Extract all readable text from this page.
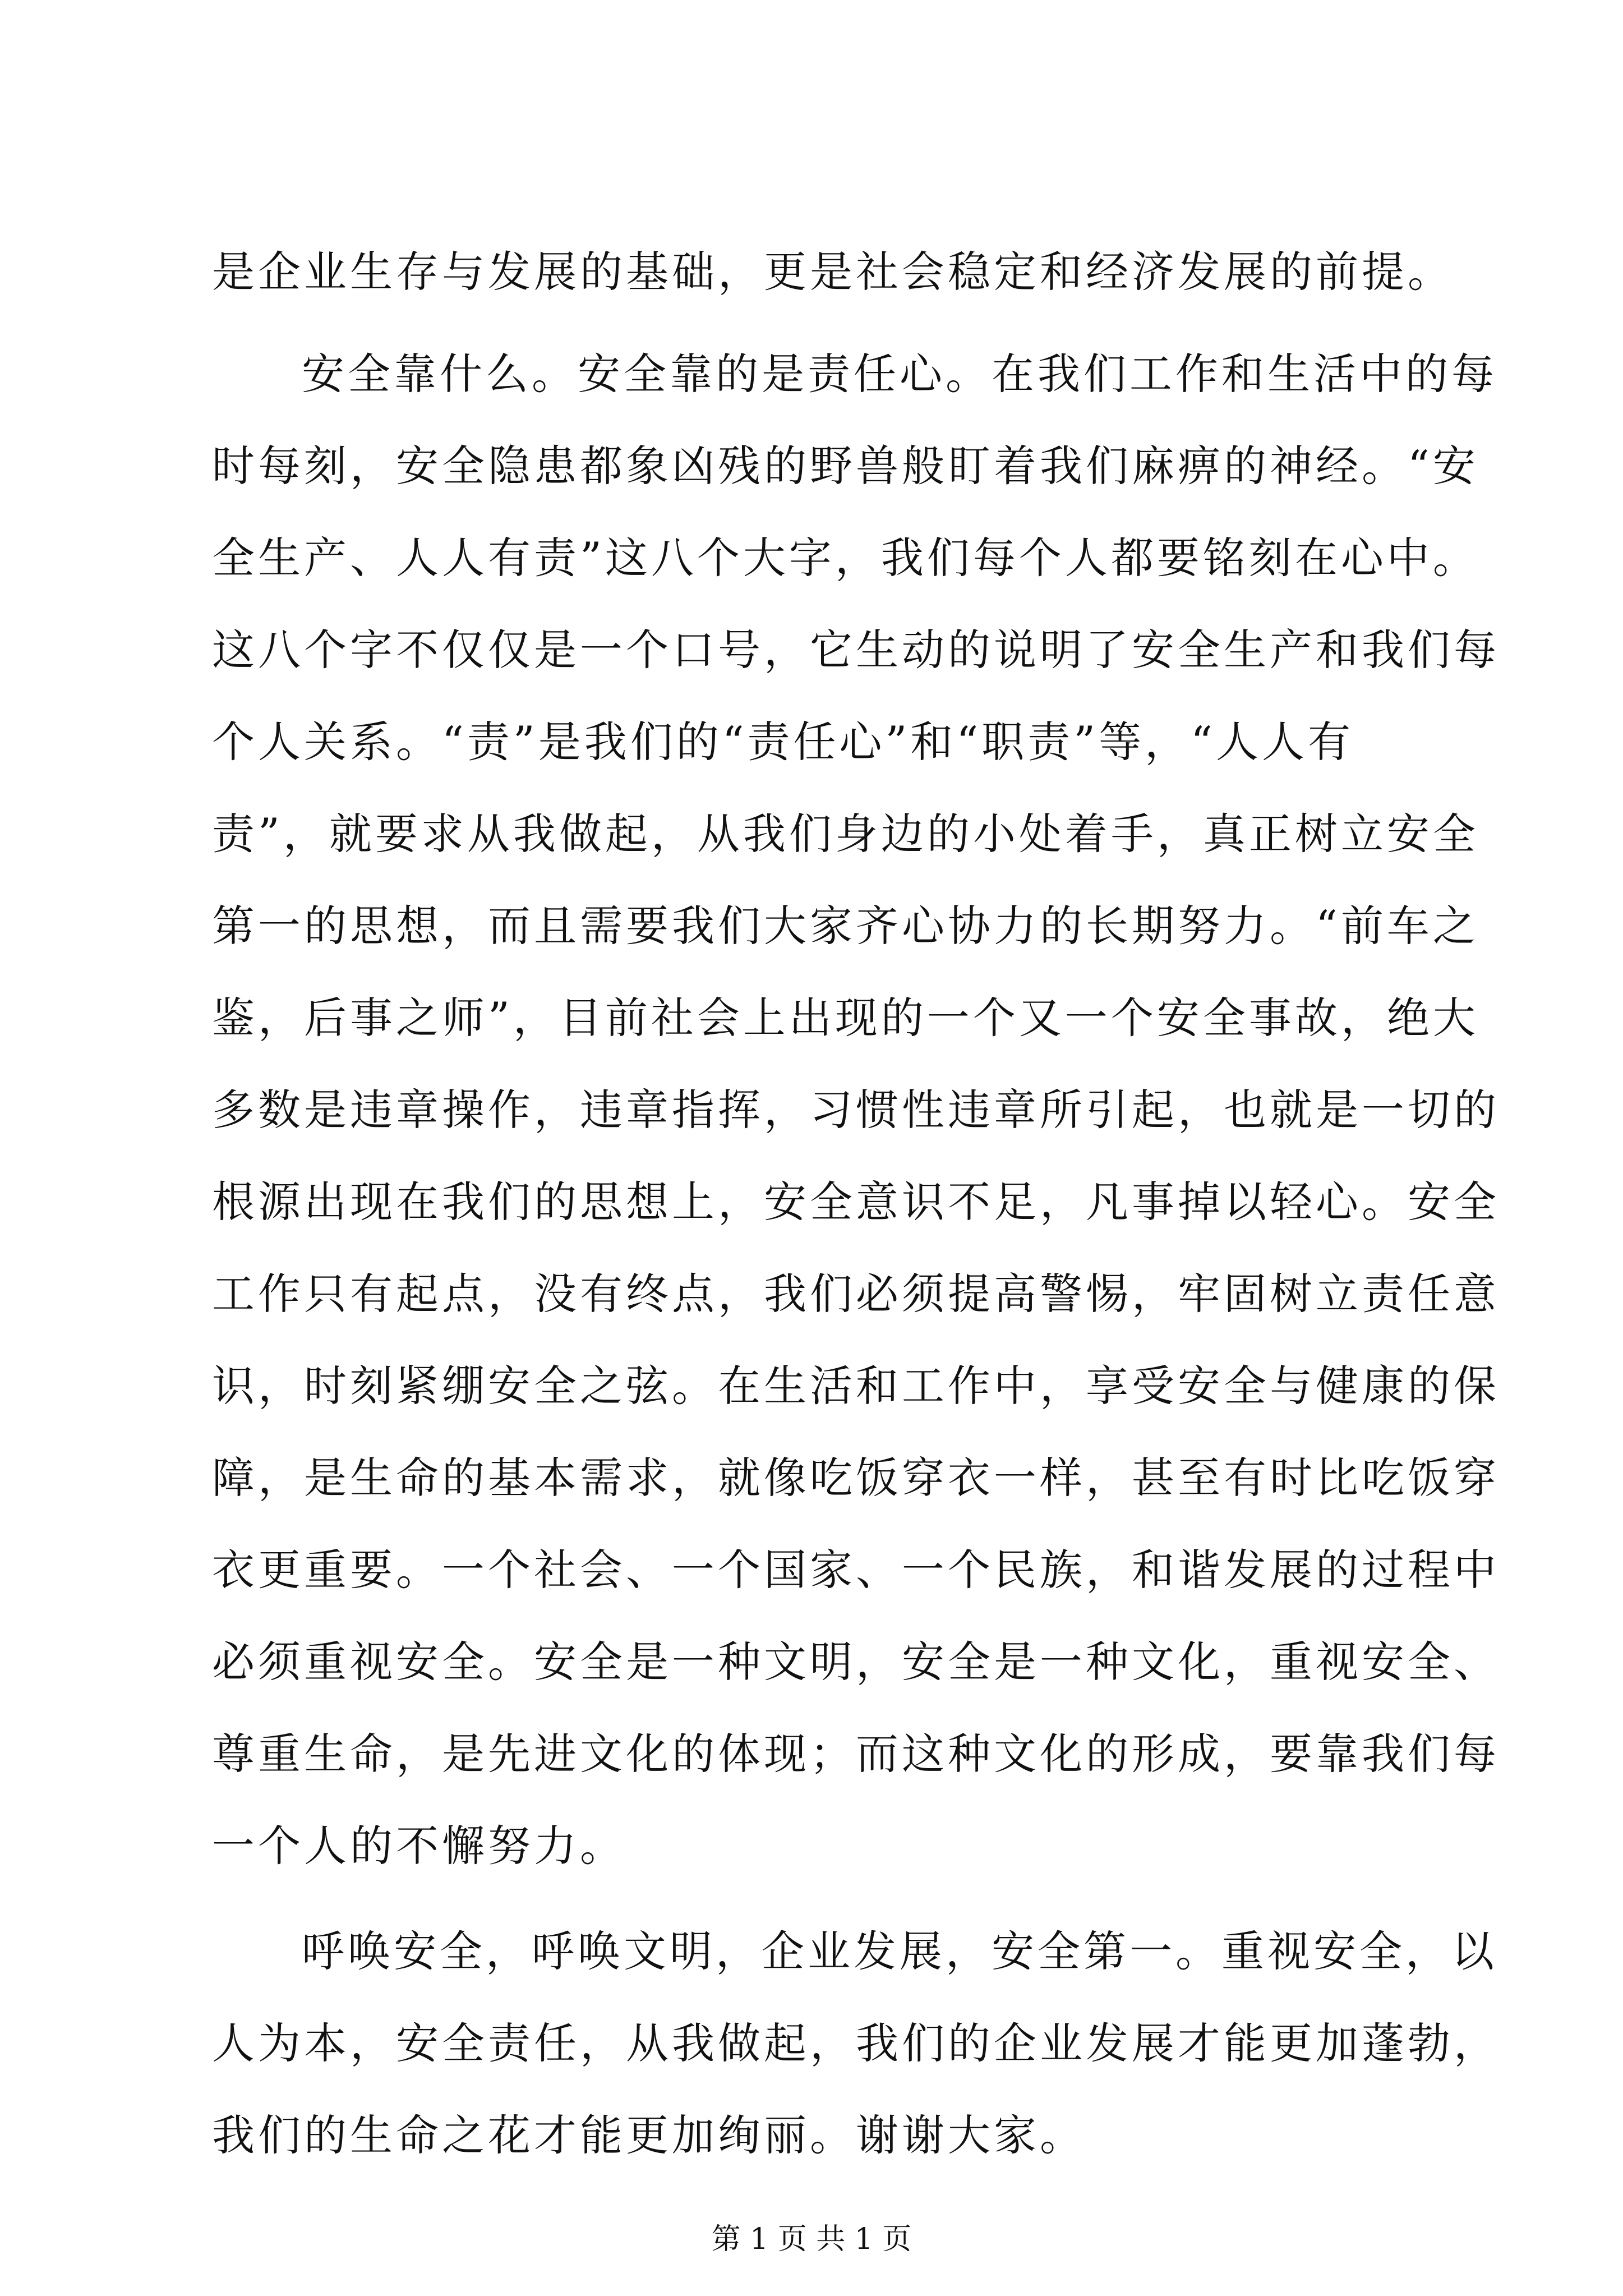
是企业生存与发展的基础，更是社会稳定和经济发展的前提。
安全靠什么。安全靠的是责任心。在我们工作和生活中的每
时每刻，安全隐患都象凶残的野兽般盯着我们麻痹的神经。“安
全生产、人人有责”这八个大字，我们每个人都要铭刻在心中。
这八个字不仅仅是一个口号，它生动的说明了安全生产和我们每
个人关系。“责”是我们的“责任心”和“职责”等，“人人有
责”，就要求从我做起，从我们身边的小处着手，真正树立安全
第一的思想，而且需要我们大家齐心协力的长期努力。“前车之
鉴，后事之师”，目前社会上出现的一个又一个安全事故，绝大
多数是违章操作，违章指挥，习惯性违章所引起，也就是一切的
根源出现在我们的思想上，安全意识不足，凡事掉以轻心。安全
工作只有起点，没有终点，我们必须提高警惕，牢固树立责任意
识，时刻紧绷安全之弦。在生活和工作中，享受安全与健康的保
障，是生命的基本需求，就像吃饭穿衣一样，甚至有时比吃饭穿
衣更重要。一个社会、一个国家、一个民族，和谐发展的过程中
必须重视安全。安全是一种文明，安全是一种文化，重视安全、
尊重生命，是先进文化的体现；而这种文化的形成，要靠我们每
一个人的不懈努力。
呼唤安全，呼唤文明，企业发展，安全第一。重视安全，以
人为本，安全责任，从我做起，我们的企业发展才能更加蓬勃，
我们的生命之花才能更加绚丽。谢谢大家。
第 1 页 共 1 页
